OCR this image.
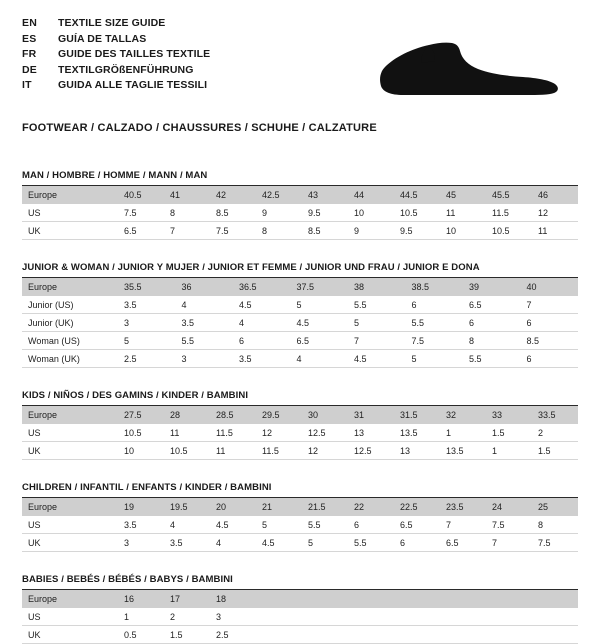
EN	TEXTILE SIZE GUIDE
ES	GUÍA DE TALLAS
FR	GUIDE DES TAILLES TEXTILE
DE	TEXTILGRÖßENFÜHRUNG
IT	GUIDA ALLE TAGLIE TESSILI
FOOTWEAR / CALZADO / CHAUSSURES / SCHUHE / CALZATURE
MAN / HOMBRE / HOMME / MANN / MAN
Europe	40.5	41	42	42.5	43	44	44.5	45	45.5	46
US	7.5	8	8.5	9	9.5	10	10.5	11	11.5	12
UK	6.5	7	7.5	8	8.5	9	9.5	10	10.5	11
JUNIOR & WOMAN / JUNIOR Y MUJER / JUNIOR ET FEMME / JUNIOR UND FRAU / JUNIOR E DONA
Europe	35.5	36	36.5	37.5	38	38.5	39	40
Junior (US)	3.5	4	4.5	5	5.5	6	6.5	7
Junior (UK)	3	3.5	4	4.5	5	5.5	6	6
Woman (US)	5	5.5	6	6.5	7	7.5	8	8.5
Woman (UK)	2.5	3	3.5	4	4.5	5	5.5	6
KIDS / NIÑOS / DES GAMINS / KINDER / BAMBINI
Europe	27.5	28	28.5	29.5	30	31	31.5	32	33	33.5
US	10.5	11	11.5	12	12.5	13	13.5	1	1.5	2
UK	10	10.5	11	11.5	12	12.5	13	13.5	1	1.5
CHILDREN / INFANTIL / ENFANTS / KINDER / BAMBINI
Europe	19	19.5	20	21	21.5	22	22.5	23.5	24	25
US	3.5	4	4.5	5	5.5	6	6.5	7	7.5	8
UK	3	3.5	4	4.5	5	5.5	6	6.5	7	7.5
BABIES / BEBÉS / BÉBÉS / BABYS / BAMBINI
Europe	16	17	18							
US	1	2	3							
UK	0.5	1.5	2.5							
